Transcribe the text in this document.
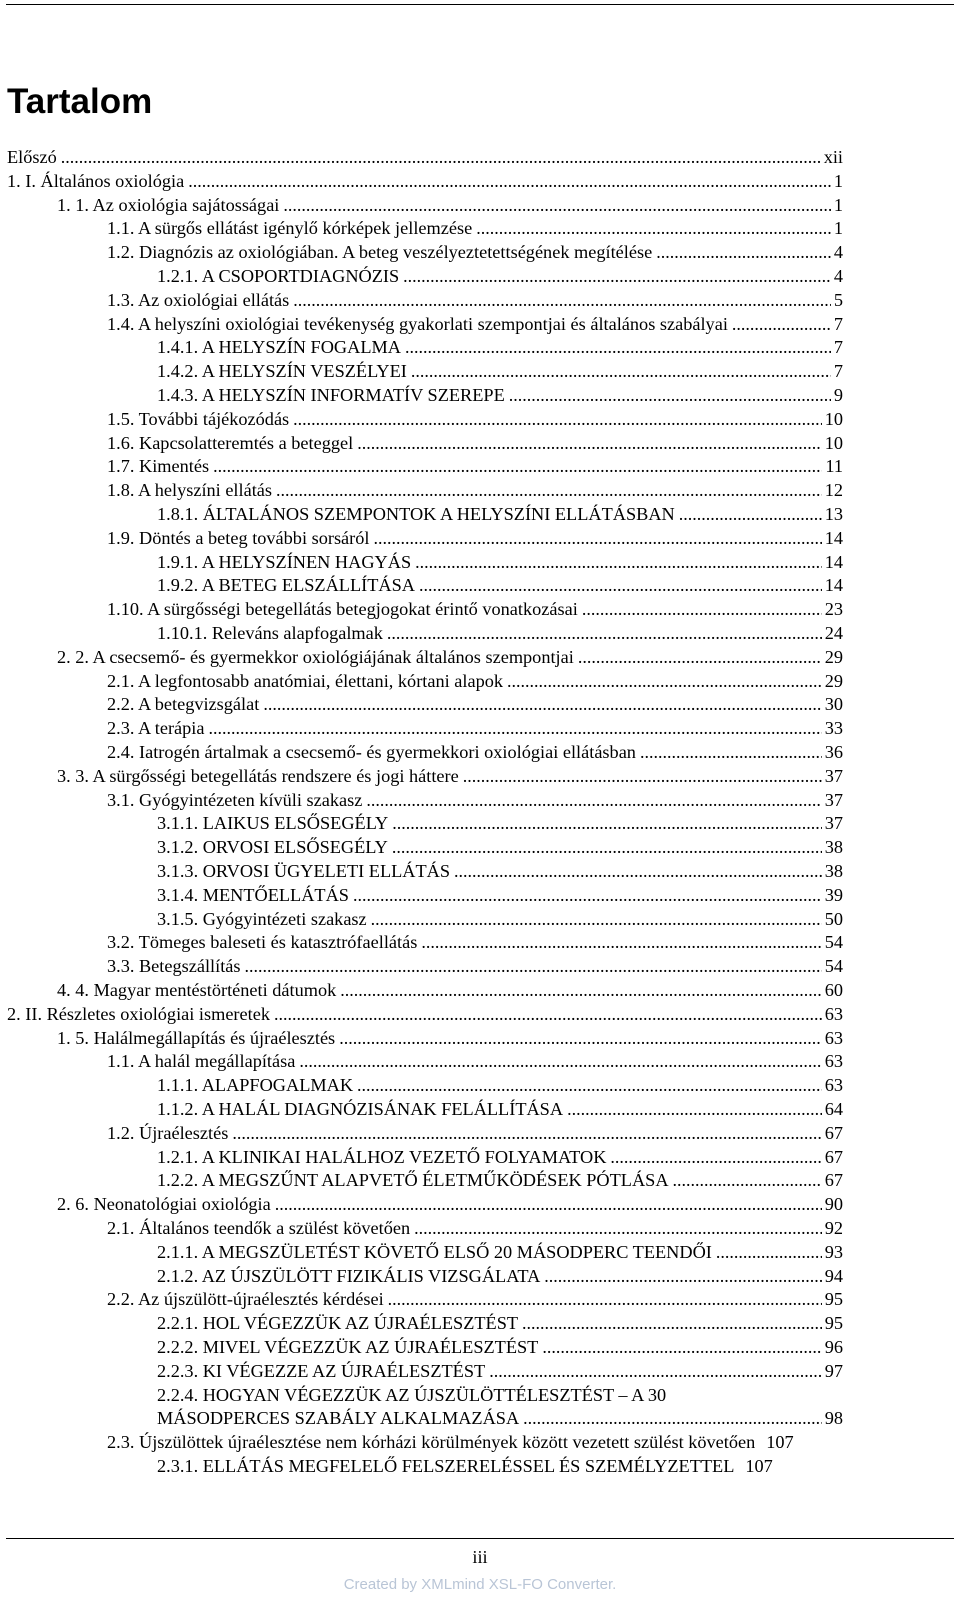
Tartalom
Előszó .....	xii
1. I. Általános oxiológia .....	1
1. 1. Az oxiológia sajátosságai .....	1
1.1. A sürgős ellátást igénylő kórképek jellemzése .....	1
1.2. Diagnózis az oxiológiában. A beteg veszélyeztetettségének megítélése .....	4
1.2.1. A CSOPORTDIAGNÓZIS .....	4
1.3. Az oxiológiai ellátás .....	5
1.4. A helyszíni oxiológiai tevékenység gyakorlati szempontjai és általános szabályai .....	7
1.4.1. A HELYSZÍN FOGALMA .....	7
1.4.2. A HELYSZÍN VESZÉLYEI .....	7
1.4.3. A HELYSZÍN INFORMATÍV SZEREPE .....	9
1.5. További tájékozódás .....	10
1.6. Kapcsolatteremtés a beteggel .....	10
1.7. Kimentés .....	11
1.8. A helyszíni ellátás .....	12
1.8.1. ÁLTALÁNOS SZEMPONTOK A HELYSZÍNI ELLÁTÁSBAN .....	13
1.9. Döntés a beteg további sorsáról .....	14
1.9.1. A HELYSZÍNEN HAGYÁS .....	14
1.9.2. A BETEG ELSZÁLLÍTÁSA .....	14
1.10. A sürgősségi betegellátás betegjogokat érintő vonatkozásai .....	23
1.10.1. Releváns alapfogalmak .....	24
2. 2. A csecsemő- és gyermekkor oxiológiájának általános szempontjai .....	29
2.1. A legfontosabb anatómiai, élettani, kórtani alapok .....	29
2.2. A betegvizsgálat .....	30
2.3. A terápia .....	33
2.4. Iatrogén ártalmak a csecsemő- és gyermekkori oxiológiai ellátásban .....	36
3. 3. A sürgősségi betegellátás rendszere és jogi háttere .....	37
3.1. Gyógyintézeten kívüli szakasz .....	37
3.1.1. LAIKUS ELSŐSEGÉLY .....	37
3.1.2. ORVOSI ELSŐSEGÉLY .....	38
3.1.3. ORVOSI ÜGYELETI ELLÁTÁS .....	38
3.1.4. MENTŐELLÁTÁS .....	39
3.1.5. Gyógyintézeti szakasz .....	50
3.2. Tömeges baleseti és katasztrófaellátás .....	54
3.3. Betegszállítás .....	54
4. 4. Magyar mentéstörténeti dátumok .....	60
2. II. Részletes oxiológiai ismeretek .....	63
1. 5. Halálmegállapítás és újraélesztés .....	63
1.1. A halál megállapítása .....	63
1.1.1. ALAPFOGALMAK .....	63
1.1.2. A HALÁL DIAGNÓZISÁNAK FELÁLLÍTÁSA .....	64
1.2. Újraélesztés .....	67
1.2.1. A KLINIKAI HALÁLHOZ VEZETŐ FOLYAMATOK .....	67
1.2.2. A MEGSZŰNT ALAPVETŐ ÉLETMŰKÖDÉSEK PÓTLÁSA .....	67
2. 6. Neonatológiai oxiológia .....	90
2.1. Általános teendők a szülést követően .....	92
2.1.1. A MEGSZÜLETÉST KÖVETŐ ELSŐ 20 MÁSODPERC TEENDŐI .....	93
2.1.2. AZ ÚJSZÜLÖTT FIZIKÁLIS VIZSGÁLATA .....	94
2.2. Az újszülött-újraélesztés kérdései .....	95
2.2.1. HOL VÉGEZZÜK AZ ÚJRAÉLESZTÉST .....	95
2.2.2. MIVEL VÉGEZZÜK AZ ÚJRAÉLESZTÉST .....	96
2.2.3. KI VÉGEZZE AZ ÚJRAÉLESZTÉST .....	97
2.2.4. HOGYAN VÉGEZZÜK AZ ÚJSZÜLÖTTÉLESZTÉST – A 30
MÁSODPERCES SZABÁLY ALKALMAZÁSA .....	98
2.3. Újszülöttek újraélesztése nem kórházi körülmények között vezetett szülést követően 107
2.3.1. ELLÁTÁS MEGFELELŐ FELSZERELÉSSEL ÉS SZEMÉLYZETTEL 107
iii
Created by XMLmind XSL-FO Converter.
